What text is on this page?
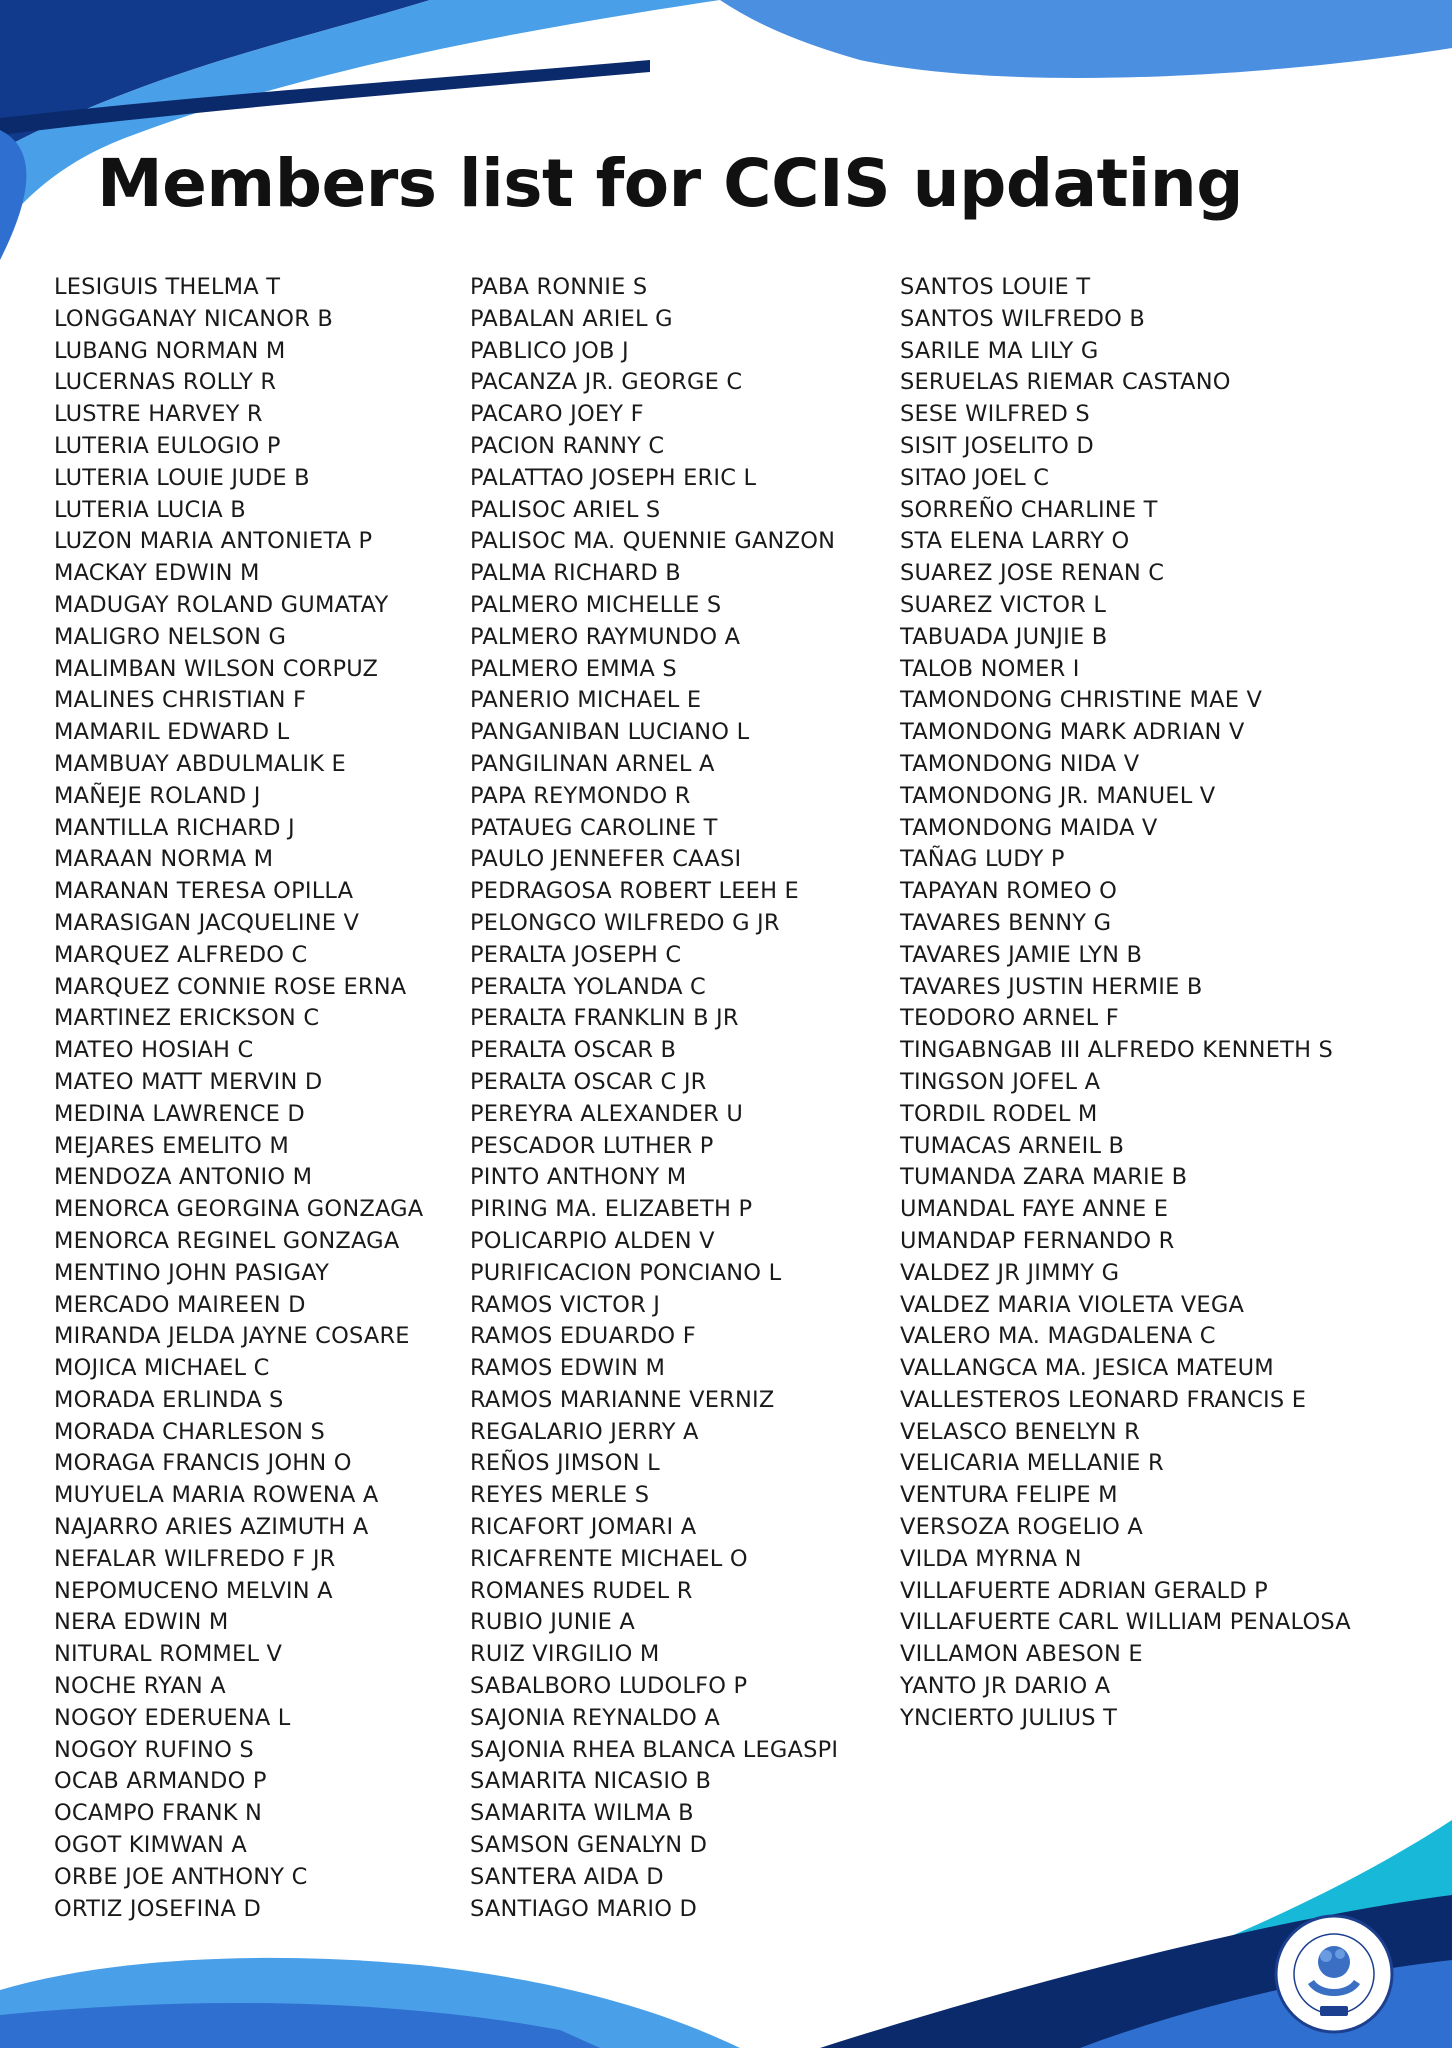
Members list for CCIS updating
LESIGUIS THELMA T
LONGGANAY NICANOR B
LUBANG NORMAN M
LUCERNAS ROLLY R
LUSTRE HARVEY R
LUTERIA EULOGIO P
LUTERIA LOUIE JUDE B
LUTERIA LUCIA B
LUZON MARIA ANTONIETA P
MACKAY EDWIN M
MADUGAY ROLAND GUMATAY
MALIGRO NELSON G
MALIMBAN WILSON CORPUZ
MALINES CHRISTIAN F
MAMARIL EDWARD L
MAMBUAY ABDULMALIK E
MAÑEJE ROLAND J
MANTILLA RICHARD J
MARAAN NORMA M
MARANAN TERESA OPILLA
MARASIGAN JACQUELINE V
MARQUEZ ALFREDO C
MARQUEZ CONNIE ROSE ERNA
MARTINEZ ERICKSON C
MATEO HOSIAH C
MATEO MATT MERVIN D
MEDINA LAWRENCE D
MEJARES EMELITO M
MENDOZA ANTONIO M
MENORCA GEORGINA GONZAGA
MENORCA REGINEL GONZAGA
MENTINO JOHN PASIGAY
MERCADO MAIREEN D
MIRANDA JELDA JAYNE COSARE
MOJICA MICHAEL C
MORADA ERLINDA S
MORADA CHARLESON S
MORAGA FRANCIS JOHN O
MUYUELA MARIA ROWENA A
NAJARRO ARIES AZIMUTH A
NEFALAR WILFREDO F JR
NEPOMUCENO MELVIN A
NERA EDWIN M
NITURAL ROMMEL V
NOCHE RYAN A
NOGOY EDERUENA L
NOGOY RUFINO S
OCAB ARMANDO P
OCAMPO FRANK N
OGOT KIMWAN A
ORBE JOE ANTHONY C
ORTIZ JOSEFINA D
PABA RONNIE S
PABALAN ARIEL G
PABLICO JOB J
PACANZA JR. GEORGE C
PACARO JOEY F
PACION RANNY C
PALATTAO JOSEPH ERIC L
PALISOC ARIEL S
PALISOC MA. QUENNIE GANZON
PALMA RICHARD B
PALMERO MICHELLE S
PALMERO RAYMUNDO A
PALMERO EMMA S
PANERIO MICHAEL E
PANGANIBAN LUCIANO L
PANGILINAN ARNEL A
PAPA REYMONDO R
PATAUEG CAROLINE T
PAULO JENNEFER CAASI
PEDRAGOSA ROBERT LEEH E
PELONGCO WILFREDO G JR
PERALTA JOSEPH C
PERALTA YOLANDA C
PERALTA FRANKLIN B JR
PERALTA OSCAR B
PERALTA OSCAR C JR
PEREYRA ALEXANDER U
PESCADOR LUTHER P
PINTO ANTHONY M
PIRING MA. ELIZABETH P
POLICARPIO ALDEN V
PURIFICACION PONCIANO L
RAMOS VICTOR J
RAMOS EDUARDO F
RAMOS EDWIN M
RAMOS MARIANNE VERNIZ
REGALARIO JERRY A
REÑOS JIMSON L
REYES MERLE S
RICAFORT JOMARI A
RICAFRENTE MICHAEL O
ROMANES RUDEL R
RUBIO JUNIE A
RUIZ VIRGILIO M
SABALBORO LUDOLFO P
SAJONIA REYNALDO A
SAJONIA RHEA BLANCA LEGASPI
SAMARITA NICASIO B
SAMARITA WILMA B
SAMSON GENALYN D
SANTERA AIDA D
SANTIAGO MARIO D
SANTOS LOUIE T
SANTOS WILFREDO B
SARILE MA LILY G
SERUELAS RIEMAR CASTANO
SESE WILFRED S
SISIT JOSELITO D
SITAO JOEL C
SORREÑO CHARLINE T
STA ELENA LARRY O
SUAREZ JOSE RENAN C
SUAREZ VICTOR L
TABUADA JUNJIE B
TALOB NOMER I
TAMONDONG CHRISTINE MAE V
TAMONDONG MARK ADRIAN V
TAMONDONG NIDA V
TAMONDONG JR. MANUEL V
TAMONDONG MAIDA V
TAÑAG LUDY P
TAPAYAN ROMEO O
TAVARES BENNY G
TAVARES JAMIE LYN B
TAVARES JUSTIN HERMIE B
TEODORO ARNEL F
TINGABNGAB III ALFREDO KENNETH S
TINGSON JOFEL A
TORDIL RODEL M
TUMACAS ARNEIL B
TUMANDA ZARA MARIE B
UMANDAL FAYE ANNE E
UMANDAP FERNANDO R
VALDEZ JR JIMMY G
VALDEZ MARIA VIOLETA VEGA
VALERO MA. MAGDALENA C
VALLANGCA MA. JESICA MATEUM
VALLESTEROS LEONARD FRANCIS E
VELASCO BENELYN R
VELICARIA MELLANIE R
VENTURA FELIPE M
VERSOZA ROGELIO A
VILDA MYRNA N
VILLAFUERTE ADRIAN GERALD P
VILLAFUERTE CARL WILLIAM PENALOSA
VILLAMON ABESON E
YANTO JR DARIO A
YNCIERTO JULIUS T
